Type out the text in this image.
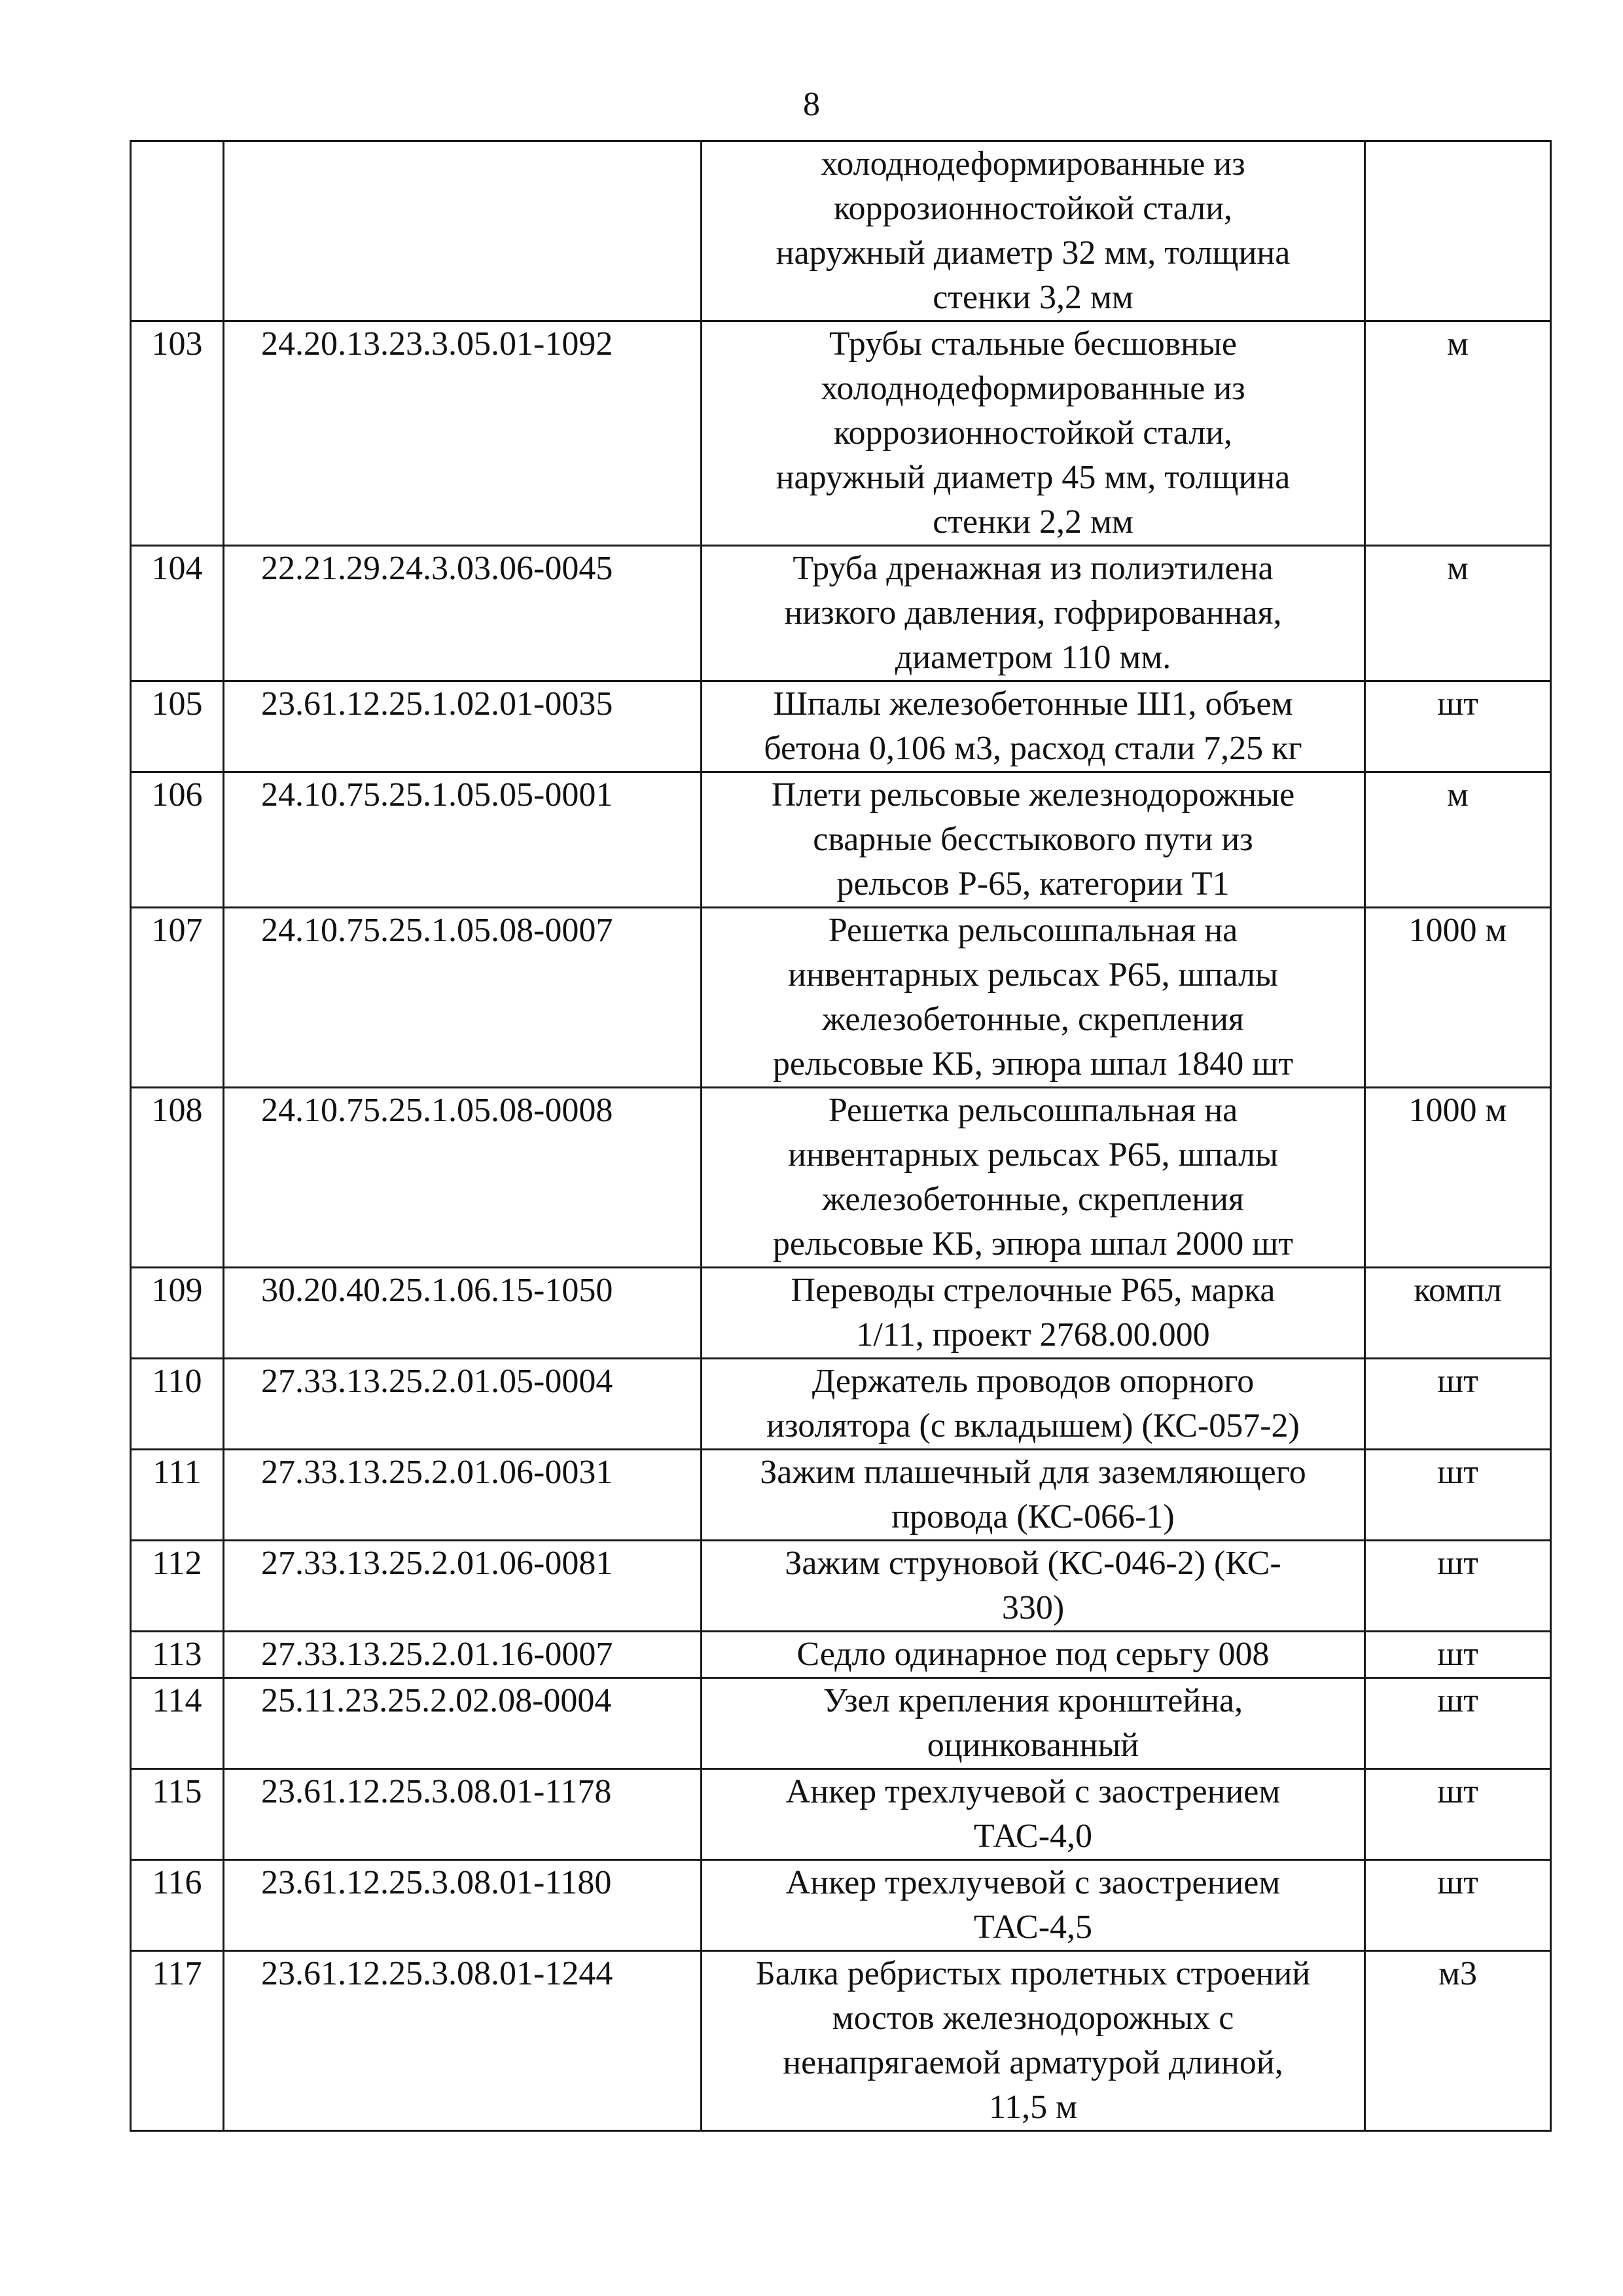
8

		холоднодеформированные из
коррозионностойкой стали,
наружный диаметр 32 мм, толщина
стенки 3,2 мм	

103	24.20.13.23.3.05.01-1092	Трубы стальные бесшовные
холоднодеформированные из
коррозионностойкой стали,
наружный диаметр 45 мм, толщина
стенки 2,2 мм	м
104	22.21.29.24.3.03.06-0045	Труба дренажная из полиэтилена
низкого давления, гофрированная,
диаметром 110 мм.	м
105	23.61.12.25.1.02.01-0035	Шпалы железобетонные Ш1, объем
бетона 0,106 м3, расход стали 7,25 кг	шт
106	24.10.75.25.1.05.05-0001	Плети рельсовые железнодорожные
сварные бесстыкового пути из
рельсов Р-65, категории Т1	м
107	24.10.75.25.1.05.08-0007	Решетка рельсошпальная на
инвентарных рельсах Р65, шпалы
железобетонные, скрепления
рельсовые КБ, эпюра шпал 1840 шт	1000 м
108	24.10.75.25.1.05.08-0008	Решетка рельсошпальная на
инвентарных рельсах Р65, шпалы
железобетонные, скрепления
рельсовые КБ, эпюра шпал 2000 шт	1000 м
109	30.20.40.25.1.06.15-1050	Переводы стрелочные Р65, марка
1/11, проект 2768.00.000	компл
110	27.33.13.25.2.01.05-0004	Держатель проводов опорного
изолятора (с вкладышем) (КС-057-2)	шт
111	27.33.13.25.2.01.06-0031	Зажим плашечный для заземляющего
провода (КС-066-1)	шт
112	27.33.13.25.2.01.06-0081	Зажим струновой (КС-046-2) (КС-
330)	шт
113	27.33.13.25.2.01.16-0007	Седло одинарное под серьгу 008	шт
114	25.11.23.25.2.02.08-0004	Узел крепления кронштейна,
оцинкованный	шт
115	23.61.12.25.3.08.01-1178	Анкер трехлучевой с заострением
ТАС-4,0	шт
116	23.61.12.25.3.08.01-1180	Анкер трехлучевой с заострением
ТАС-4,5	шт
117	23.61.12.25.3.08.01-1244	Балка ребристых пролетных строений
мостов железнодорожных с
ненапрягаемой арматурой длиной,
11,5 м	м3
